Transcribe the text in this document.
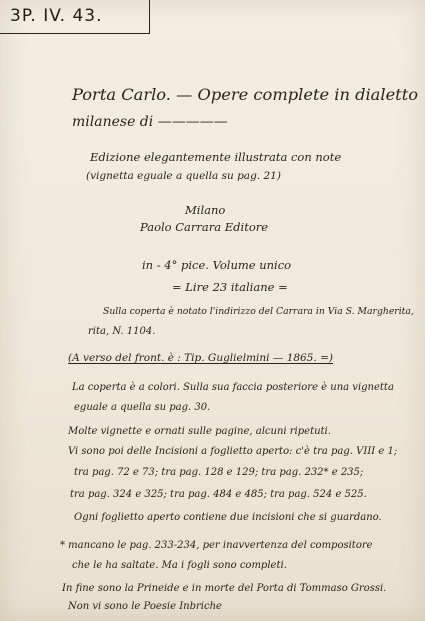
3P. IV. 43.
Porta Carlo. — Opere complete in dialetto
milanese di —————
Edizione elegantemente illustrata con note
(vignetta eguale a quella su pag. 21)
Milano
Paolo Carrara Editore
in - 4° pice. Volume unico
= Lire 23 italiane =
Sulla coperta è notato l'indirizzo del Carrara in Via S. Margherita,
rita, N. 1104.
(A verso del front. è : Tip. Guglielmini — 1865. =)
La coperta è a colori. Sulla sua faccia posteriore è una vignetta
eguale a quella su pag. 30.
Molte vignette e ornati sulle pagine, alcuni ripetuti.
Vi sono poi delle Incisioni a foglietto aperto: c'è tra pag. VIII e 1;
tra pag. 72 e 73; tra pag. 128 e 129; tra pag. 232* e 235;
tra pag. 324 e 325; tra pag. 484 e 485; tra pag. 524 e 525.
Ogni foglietto aperto contiene due incisioni che si guardano.
* mancano le pag. 233-234, per inavvertenza del compositore
che le ha saltate. Ma i fogli sono completi.
In fine sono la Prineide e in morte del Porta di Tommaso Grossi.
Non vi sono le Poesie Inbriche
